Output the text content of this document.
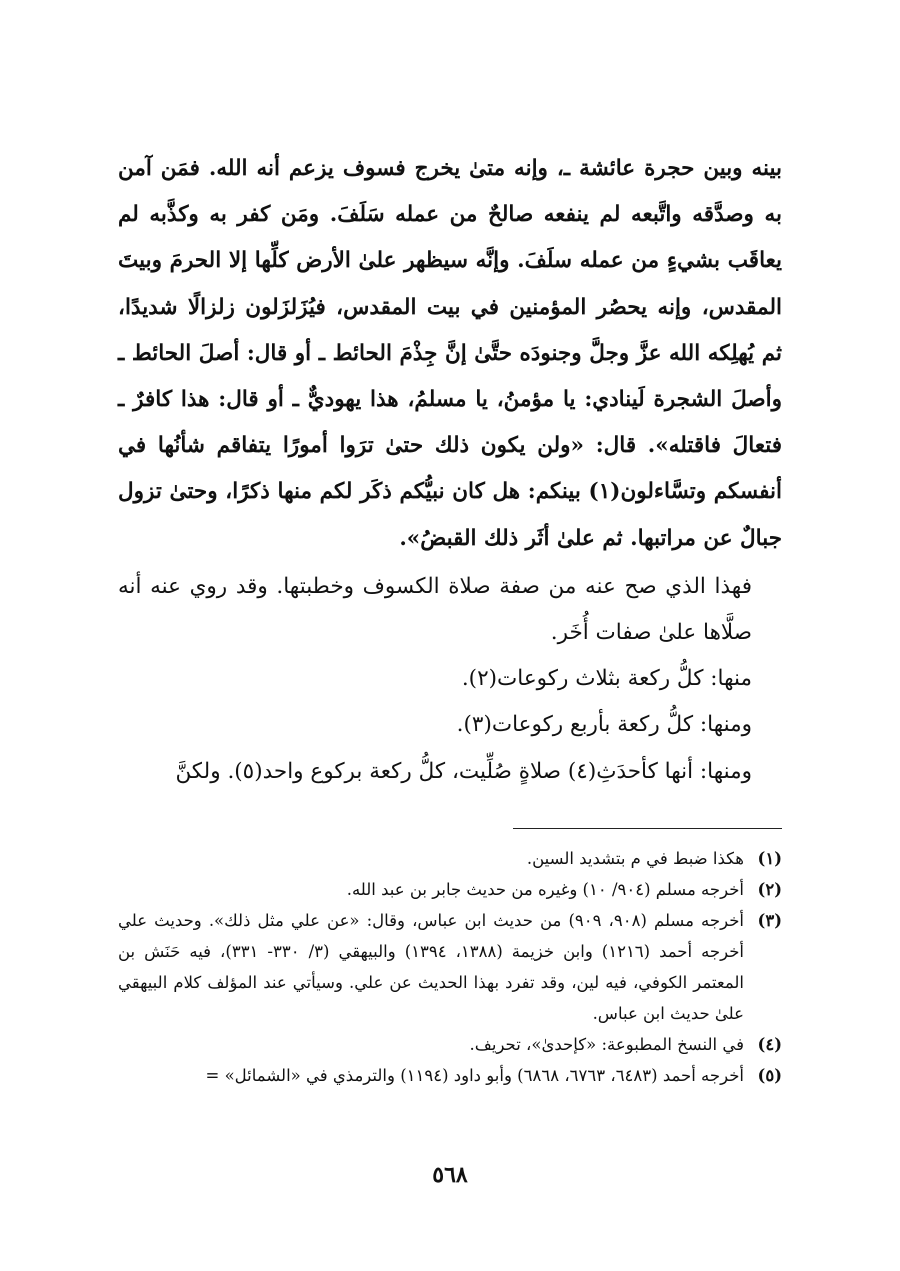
بينه وبين حجرة عائشة ـ، وإنه متىٰ يخرج فسوف يزعم أنه الله. فمَن آمن به وصدَّقه واتَّبعه لم ينفعه صالحٌ من عمله سَلَفَ. ومَن كفر به وكذَّبه لم يعاقَب بشيءٍ من عمله سلَفَ. وإنَّه سيظهر علىٰ الأرض كلِّها إلا الحرمَ وبيتَ المقدس، وإنه يحصُر المؤمنين في بيت المقدس، فيُزَلزَلون زلزالًا شديدًا، ثم يُهلِكه الله عزَّ وجلَّ وجنودَه حتَّىٰ إنَّ جِذْمَ الحائط ـ أو قال: أصلَ الحائط ـ وأصلَ الشجرة لَينادي: يا مؤمنُ، يا مسلمُ، هذا يهوديٌّ ـ أو قال: هذا كافرٌ ـ فتعالَ فاقتله». قال: «ولن يكون ذلك حتىٰ ترَوا أمورًا يتفاقم شأنُها في أنفسكم وتسَّاءلون(١) بينكم: هل كان نبيُّكم ذكَر لكم منها ذكرًا، وحتىٰ تزول جبالٌ عن مراتبها. ثم علىٰ أثَر ذلك القبضُ».

فهذا الذي صح عنه من صفة صلاة الكسوف وخطبتها. وقد روي عنه أنه صلَّاها علىٰ صفات أُخَر.

منها: كلُّ ركعة بثلاث ركوعات(٢).

ومنها: كلُّ ركعة بأربع ركوعات(٣).

ومنها: أنها كأحدَثِ(٤) صلاةٍ صُلِّيت، كلُّ ركعة بركوع واحد(٥). ولكنَّ

(١)
هكذا ضبط في م بتشديد السين.
(٢)
أخرجه مسلم (٩٠٤/ ١٠) وغيره من حديث جابر بن عبد الله.
(٣)
أخرجه مسلم (٩٠٨، ٩٠٩) من حديث ابن عباس، وقال: «عن علي مثل ذلك». وحديث علي أخرجه أحمد (١٢١٦) وابن خزيمة (١٣٨٨، ١٣٩٤) والبيهقي (٣/ ٣٣٠- ٣٣١)، فيه حَنَش بن المعتمر الكوفي، فيه لين، وقد تفرد بهذا الحديث عن علي. وسيأتي عند المؤلف كلام البيهقي علىٰ حديث ابن عباس.
(٤)
في النسخ المطبوعة: «كإحدىٰ»، تحريف.
(٥)
أخرجه أحمد (٦٤٨٣، ٦٧٦٣، ٦٨٦٨) وأبو داود (١١٩٤) والترمذي في «الشمائل» =
٥٦٨
